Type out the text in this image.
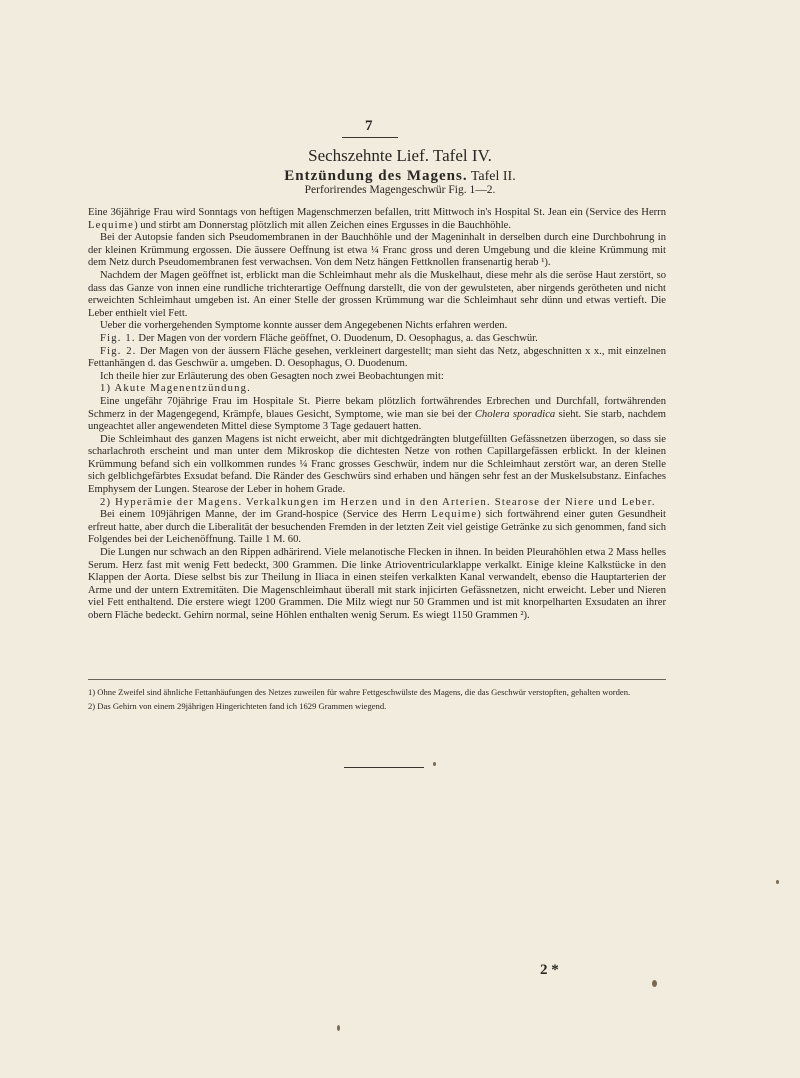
7
Sechszehnte Lief. Tafel IV.
Entzündung des Magens. Tafel II.
Perforirendes Magengeschwür Fig. 1—2.

Eine 36jährige Frau wird Sonntags von heftigen Magenschmerzen befallen, tritt Mittwoch in's Hospital St. Jean ein (Service des Herrn Lequime) und stirbt am Donnerstag plötzlich mit allen Zeichen eines Ergusses in die Bauchhöhle.

Bei der Autopsie fanden sich Pseudomembranen in der Bauchhöhle und der Mageninhalt in derselben durch eine Durchbohrung in der kleinen Krümmung ergossen. Die äussere Oeffnung ist etwa ¼ Franc gross und deren Umgebung und die kleine Krümmung mit dem Netz durch Pseudomembranen fest verwachsen. Von dem Netz hängen Fettknollen fransenartig herab ¹).

Nachdem der Magen geöffnet ist, erblickt man die Schleimhaut mehr als die Muskelhaut, diese mehr als die seröse Haut zerstört, so dass das Ganze von innen eine rundliche trichterartige Oeffnung darstellt, die von der gewulsteten, aber nirgends gerötheten und nicht erweichten Schleimhaut umgeben ist. An einer Stelle der grossen Krümmung war die Schleimhaut sehr dünn und etwas vertieft. Die Leber enthielt viel Fett.

Ueber die vorhergehenden Symptome konnte ausser dem Angegebenen Nichts erfahren werden.

Fig. 1. Der Magen von der vordern Fläche geöffnet, O. Duodenum, D. Oesophagus, a. das Geschwür.

Fig. 2. Der Magen von der äussern Fläche gesehen, verkleinert dargestellt; man sieht das Netz, abgeschnitten x x., mit einzelnen Fettanhängen d. das Geschwür a. umgeben. D. Oesophagus, O. Duodenum.

Ich theile hier zur Erläuterung des oben Gesagten noch zwei Beobachtungen mit:

1) Akute Magenentzündung.

Eine ungefähr 70jährige Frau im Hospitale St. Pierre bekam plötzlich fortwährendes Erbrechen und Durchfall, fortwährenden Schmerz in der Magengegend, Krämpfe, blaues Gesicht, Symptome, wie man sie bei der Cholera sporadica sieht. Sie starb, nachdem ungeachtet aller angewendeten Mittel diese Symptome 3 Tage gedauert hatten.

Die Schleimhaut des ganzen Magens ist nicht erweicht, aber mit dichtgedrängten blutgefüllten Gefässnetzen überzogen, so dass sie scharlachroth erscheint und man unter dem Mikroskop die dichtesten Netze von rothen Capillargefässen erblickt. In der kleinen Krümmung befand sich ein vollkommen rundes ¼ Franc grosses Geschwür, indem nur die Schleimhaut zerstört war, an deren Stelle sich gelblichgefärbtes Exsudat befand. Die Ränder des Geschwürs sind erhaben und hängen sehr fest an der Muskelsubstanz. Einfaches Emphysem der Lungen. Stearose der Leber in hohem Grade.

2) Hyperämie der Magens. Verkalkungen im Herzen und in den Arterien. Stearose der Niere und Leber.

Bei einem 109jährigen Manne, der im Grand-hospice (Service des Herrn Lequime) sich fortwährend einer guten Gesundheit erfreut hatte, aber durch die Liberalität der besuchenden Fremden in der letzten Zeit viel geistige Getränke zu sich genommen, fand sich Folgendes bei der Leichenöffnung. Taille 1 M. 60.

Die Lungen nur schwach an den Rippen adhärirend. Viele melanotische Flecken in ihnen. In beiden Pleurahöhlen etwa 2 Mass helles Serum. Herz fast mit wenig Fett bedeckt, 300 Grammen. Die linke Atrioventricularklappe verkalkt. Einige kleine Kalkstücke in den Klappen der Aorta. Diese selbst bis zur Theilung in Iliaca in einen steifen verkalkten Kanal verwandelt, ebenso die Hauptarterien der Arme und der untern Extremitäten. Die Magenschleimhaut überall mit stark injicirten Gefässnetzen, nicht erweicht. Leber und Nieren viel Fett enthaltend. Die erstere wiegt 1200 Grammen. Die Milz wiegt nur 50 Grammen und ist mit knorpelharten Exsudaten an ihrer obern Fläche bedeckt. Gehirn normal, seine Höhlen enthalten wenig Serum. Es wiegt 1150 Grammen ²).

1) Ohne Zweifel sind ähnliche Fettanhäufungen des Netzes zuweilen für wahre Fettgeschwülste des Magens, die das Geschwür verstopften, gehalten worden.

2) Das Gehirn von einem 29jährigen Hingerichteten fand ich 1629 Grammen wiegend.

2 *
